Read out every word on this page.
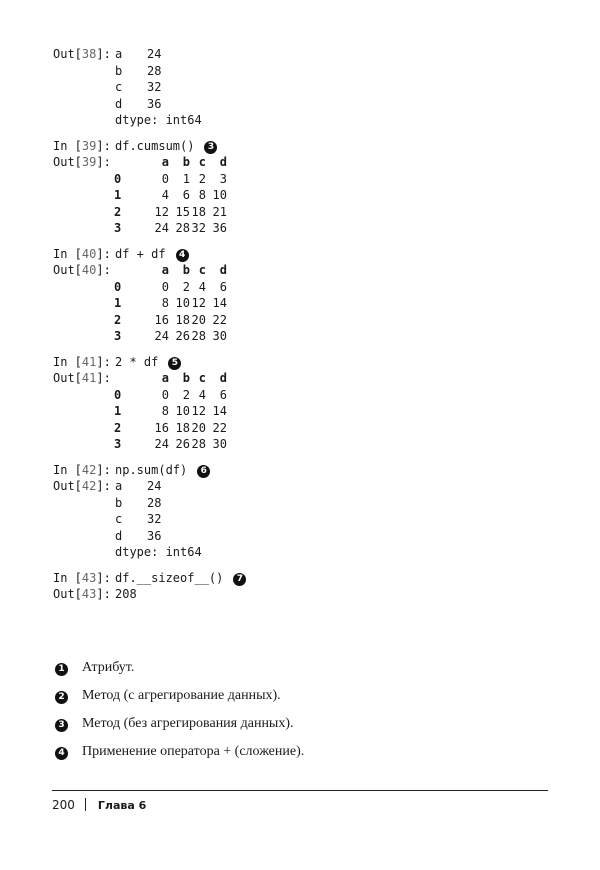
Out[38]: a 24
b 28
c 32
d 36
dtype: int64
In [39]: df.cumsum() 3
Out[39]:	a	b c	d
0	0	1 2	3
1	4	6 8 10
2	12 15 18 21
3	24 28 32 36
In [40]: df + df 4
Out[40]:	a	b c	d
0	0	2 4	6
1	8 10 12 14
2	16 18 20 22
3	24 26 28 30
In [41]: 2 * df 5
Out[41]:	a	b c	d
0	0	2 4	6
1	8 10 12 14
2	16 18 20 22
3	24 26 28 30
In [42]: np.sum(df) 6
Out[42]: a 24
b 28
c 32
d 36
dtype: int64
In [43]: df.__sizeof__() 7
Out[43]: 208
1 Атрибут.
2 Метод (с агрегирование данных).
3 Метод (без агрегирования данных).
4 Применение оператора + (сложение).
200 Глава 6
